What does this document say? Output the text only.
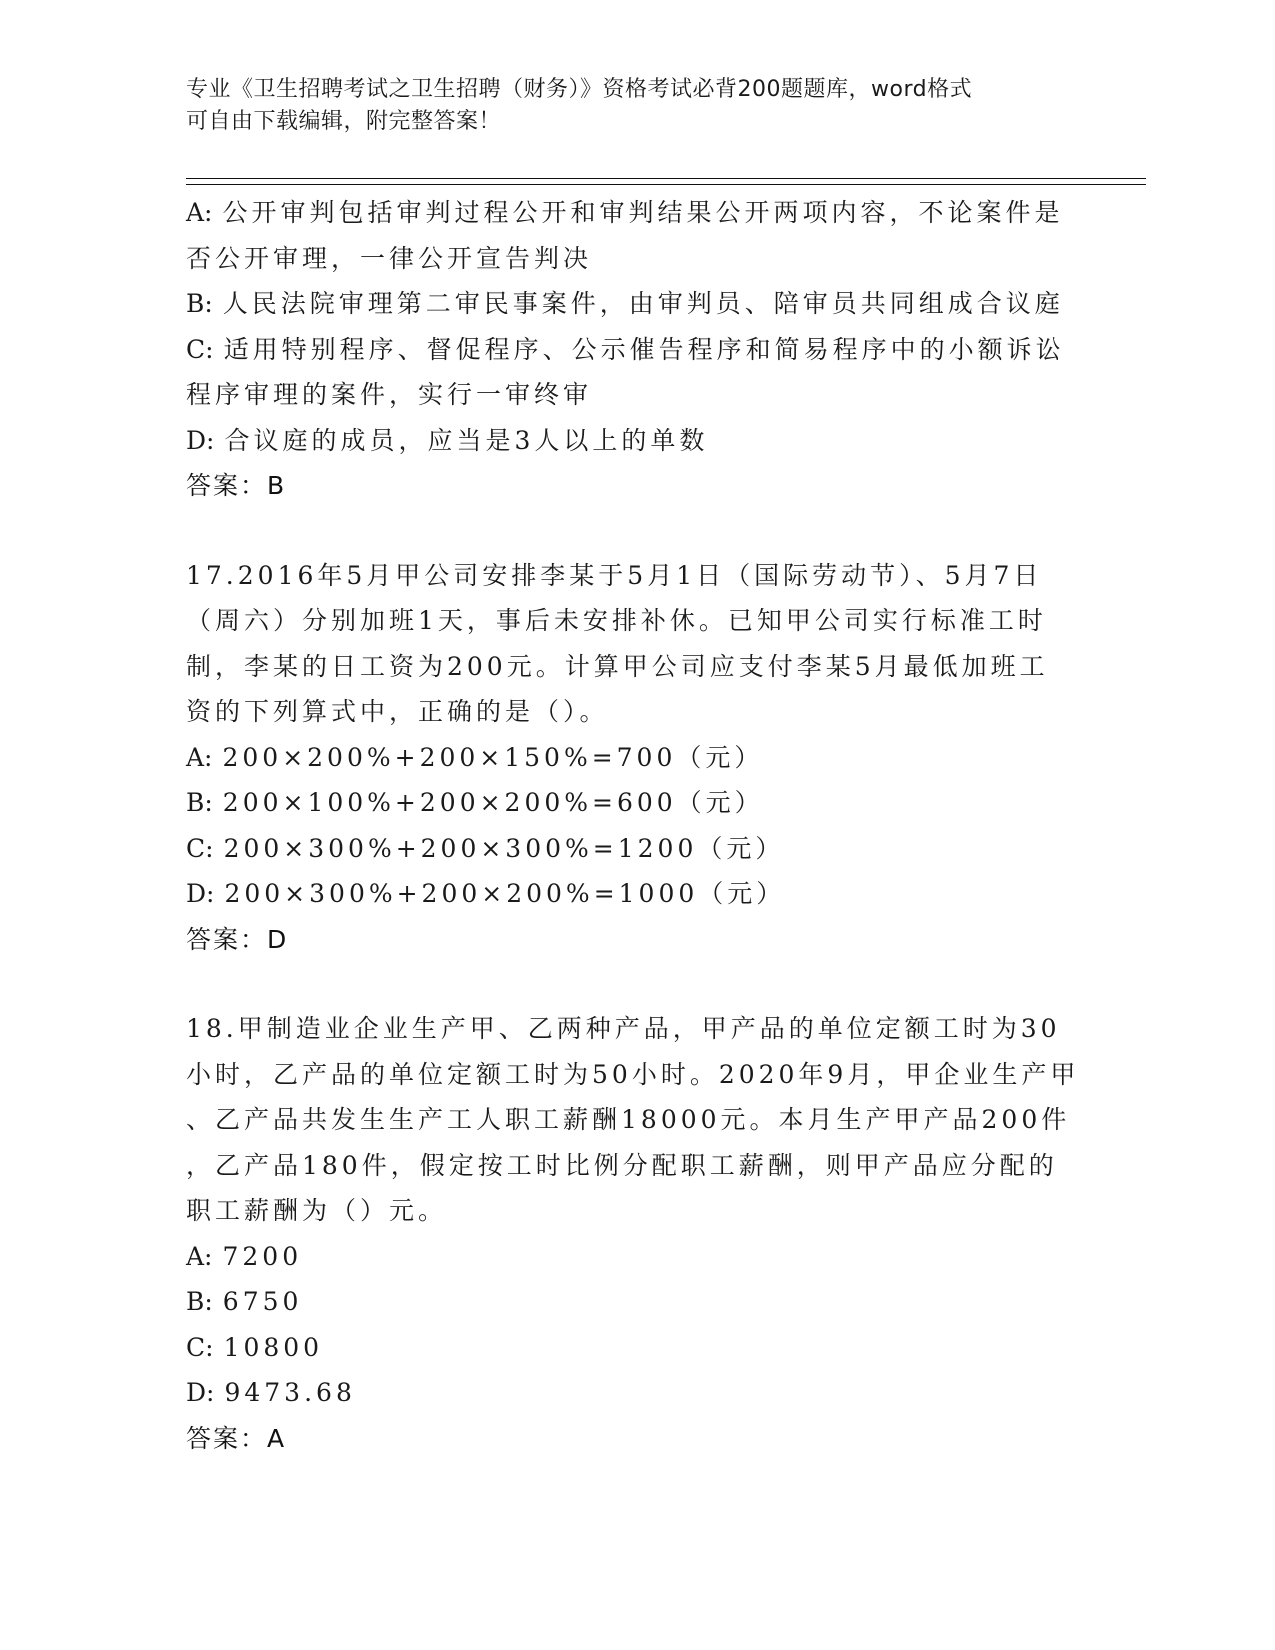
专业《卫生招聘考试之卫生招聘（财务）》资格考试必背200题题库，word格式
可自由下载编辑，附完整答案！
A: 公开审判包括审判过程公开和审判结果公开两项内容，不论案件是
否公开审理，一律公开宣告判决
B: 人民法院审理第二审民事案件，由审判员、陪审员共同组成合议庭
C: 适用特别程序、督促程序、公示催告程序和简易程序中的小额诉讼
程序审理的案件，实行一审终审
D: 合议庭的成员，应当是3人以上的单数
答案：B
17.2016年5月甲公司安排李某于5月1日（国际劳动节）、5月7日
（周六）分别加班1天，事后未安排补休。已知甲公司实行标准工时
制，李某的日工资为200元。计算甲公司应支付李某5月最低加班工
资的下列算式中，正确的是（）。
A: 200×200%+200×150%=700（元）
B: 200×100%+200×200%=600（元）
C: 200×300%+200×300%=1200（元）
D: 200×300%+200×200%=1000（元）
答案：D
18.甲制造业企业生产甲、乙两种产品，甲产品的单位定额工时为30
小时，乙产品的单位定额工时为50小时。2020年9月，甲企业生产甲
、乙产品共发生生产工人职工薪酬18000元。本月生产甲产品200件
，乙产品180件，假定按工时比例分配职工薪酬，则甲产品应分配的
职工薪酬为（）元。
A: 7200
B: 6750
C: 10800
D: 9473.68
答案：A
